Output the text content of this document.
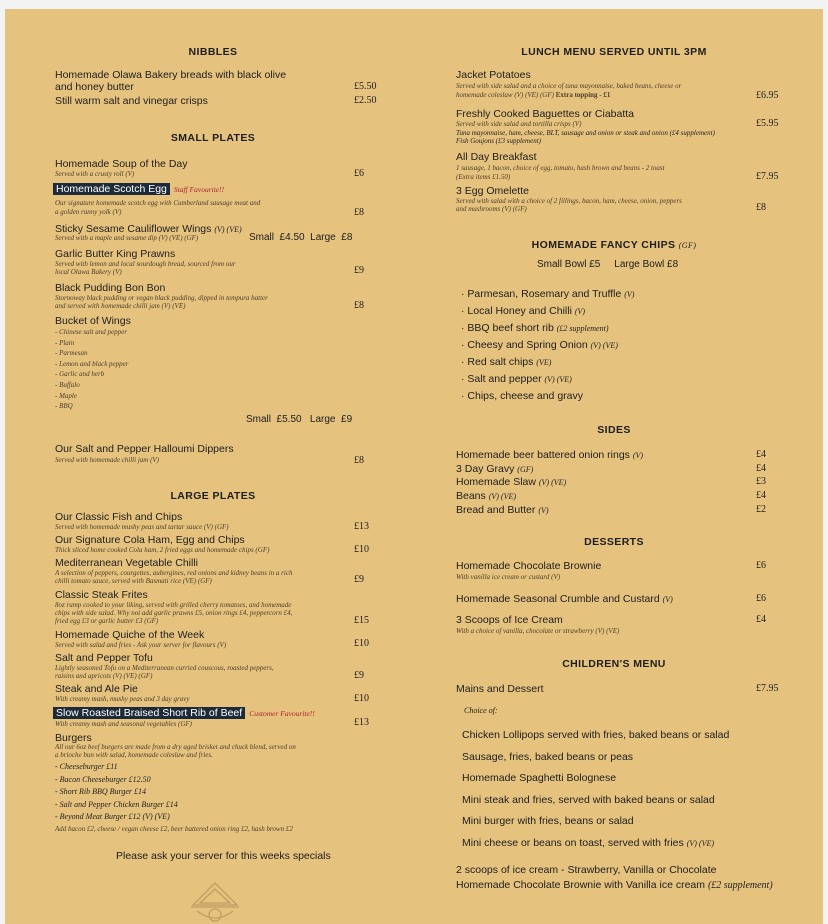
NIBBLES
Homemade Olawa Bakery breads with black olive
and honey butter	£5.50
Still warm salt and vinegar crisps	£2.50
SMALL PLATES
Homemade Soup of the Day
Served with a crusty roll (V)	£6
Homemade Scotch Egg Staff Favourite!!
Our signature homemade scotch egg with Cumberland sausage meat and
a golden runny yolk (V)	£8
Sticky Sesame Cauliflower Wings (V) (VE)
Served with a maple and sesame dip (V) (VE) (GF)	Small  £4.50  Large  £8
Garlic Butter King Prawns
Served with lemon and local sourdough bread, sourced from our
local Olawa Bakery (V)	£9
Black Pudding Bon Bon
Stornoway black pudding or vegan black pudding, dipped in tempura batter
and served with homemade chilli jam (V) (VE)	£8
Bucket of Wings
- Chinese salt and pepper
- Plain
- Parmesan
- Lemon and black pepper
- Garlic and herb
- Buffalo
- Maple
- BBQ
Small  £5.50   Large  £9
Our Salt and Pepper Halloumi Dippers
Served with homemade chilli jam (V)	£8
LARGE PLATES
Our Classic Fish and Chips
Served with homemade mushy peas and tartar sauce (V) (GF)	£13
Our Signature Cola Ham, Egg and Chips
Thick sliced home cooked Cola ham, 2 fried eggs and homemade chips (GF)	£10
Mediterranean Vegetable Chilli
A selection of peppers, courgettes, aubergines, red onions and kidney beans in a rich
chilli tomato sauce, served with Basmati rice (VE) (GF)	£9
Classic Steak Frites
8oz rump cooked to your liking, served with grilled cherry tomatoes, and homemade
chips with side salad. Why not add garlic prawns £5, onion rings £4, peppercorn £4,
fried egg £3 or garlic butter £3 (GF)	£15
Homemade Quiche of the Week
Served with salad and fries - Ask your server for flavours (V)	£10
Salt and Pepper Tofu
Lightly seasoned Tofu on a Mediterranean curried couscous, roasted peppers,
raisins and apricots (V) (VE) (GF)	£9
Steak and Ale Pie
With creamy mash, mushy peas and 3 day gravy	£10
Slow Roasted Braised Short Rib of Beef Customer Favourite!!
With creamy mash and seasonal vegetables (GF)	£13
Burgers
All our 6oz beef burgers are made from a dry aged brisket and chuck blend, served on
a brioche bun with salad, homemade coleslaw and fries.
- Cheeseburger £11
- Bacon Cheeseburger £12.50
- Short Rib BBQ Burger £14
- Salt and Pepper Chicken Burger £14
- Beyond Meat Burger £12 (V) (VE)
Add bacon £2, cheese / vegan cheese £2, beer battered onion ring £2, hash brown £2
Please ask your server for this weeks specials
LUNCH MENU SERVED UNTIL 3PM
Jacket Potatoes
Served with side salad and a choice of tuna mayonnaise, baked beans, cheese or
homemade coleslaw (V) (VE) (GF) Extra topping - £1	£6.95
Freshly Cooked Baguettes or Ciabatta
Served with side salad and tortilla crisps (V)	£5.95
Tuna mayonnaise, ham, cheese, BLT, sausage and onion or steak and onion (£4 supplement)
Fish Goujons (£3 supplement)
All Day Breakfast
1 sausage, 1 bacon, choice of egg, tomato, hash brown and beans - 2 toast
(Extra items £1.50)	£7.95
3 Egg Omelette
Served with salad with a choice of 2 fillings, bacon, ham, cheese, onion, peppers
and mushrooms (V) (GF)	£8
HOMEMADE FANCY CHIPS (GF)
Small Bowl £5     Large Bowl £8
· Parmesan, Rosemary and Truffle (V)
· Local Honey and Chilli (V)
· BBQ beef short rib (£2 supplement)
· Cheesy and Spring Onion (V) (VE)
· Red salt chips (VE)
· Salt and pepper (V) (VE)
· Chips, cheese and gravy
SIDES
Homemade beer battered onion rings (V)	£4
3 Day Gravy (GF)	£4
Homemade Slaw (V) (VE)	£3
Beans (V) (VE)	£4
Bread and Butter (V)	£2
DESSERTS
Homemade Chocolate Brownie
With vanilla ice cream or custard (V)
£6
Homemade Seasonal Crumble and Custard (V)	£6
3 Scoops of Ice Cream
With a choice of vanilla, chocolate or strawberry (V) (VE)
£4
CHILDREN'S MENU
Mains and Dessert	£7.95
Choice of:
Chicken Lollipops served with fries, baked beans or salad
Sausage, fries, baked beans or peas
Homemade Spaghetti Bolognese
Mini steak and fries, served with baked beans or salad
Mini burger with fries, beans or salad
Mini cheese or beans on toast, served with fries (V) (VE)
2 scoops of ice cream - Strawberry, Vanilla or Chocolate
Homemade Chocolate Brownie with Vanilla ice cream (£2 supplement)
